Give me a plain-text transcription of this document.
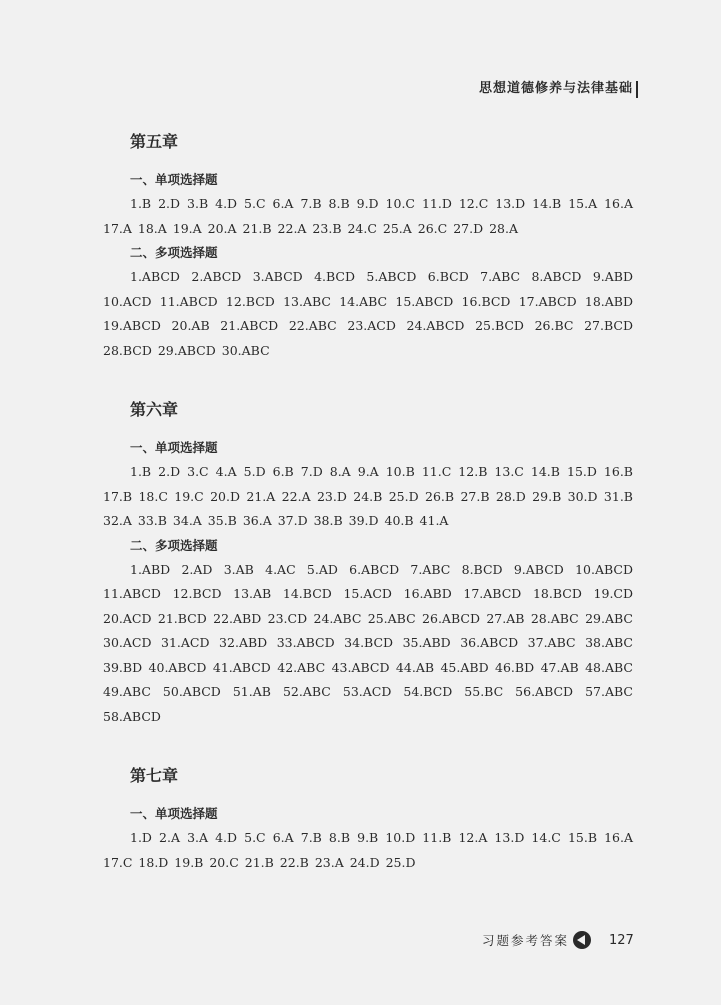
思想道德修养与法律基础
第五章
一、单项选择题
1.B 2.D 3.B 4.D 5.C 6.A 7.B 8.B 9.D 10.C 11.D 12.C 13.D 14.B 15.A 16.A 17.A 18.A 19.A 20.A 21.B 22.A 23.B 24.C 25.A 26.C 27.D 28.A
二、多项选择题
1.ABCD 2.ABCD 3.ABCD 4.BCD 5.ABCD 6.BCD 7.ABC 8.ABCD 9.ABD 10.ACD 11.ABCD 12.BCD 13.ABC 14.ABC 15.ABCD 16.BCD 17.ABCD 18.ABD 19.ABCD 20.AB 21.ABCD 22.ABC 23.ACD 24.ABCD 25.BCD 26.BC 27.BCD 28.BCD 29.ABCD 30.ABC
第六章
一、单项选择题
1.B 2.D 3.C 4.A 5.D 6.B 7.D 8.A 9.A 10.B 11.C 12.B 13.C 14.B 15.D 16.B 17.B 18.C 19.C 20.D 21.A 22.A 23.D 24.B 25.D 26.B 27.B 28.D 29.B 30.D 31.B 32.A 33.B 34.A 35.B 36.A 37.D 38.B 39.D 40.B 41.A
二、多项选择题
1.ABD 2.AD 3.AB 4.AC 5.AD 6.ABCD 7.ABC 8.BCD 9.ABCD 10.ABCD 11.ABCD 12.BCD 13.AB 14.BCD 15.ACD 16.ABD 17.ABCD 18.BCD 19.CD 20.ACD 21.BCD 22.ABD 23.CD 24.ABC 25.ABC 26.ABCD 27.AB 28.ABC 29.ABC 30.ACD 31.ACD 32.ABD 33.ABCD 34.BCD 35.ABD 36.ABCD 37.ABC 38.ABC 39.BD 40.ABCD 41.ABCD 42.ABC 43.ABCD 44.AB 45.ABD 46.BD 47.AB 48.ABC 49.ABC 50.ABCD 51.AB 52.ABC 53.ACD 54.BCD 55.BC 56.ABCD 57.ABC 58.ABCD
第七章
一、单项选择题
1.D 2.A 3.A 4.D 5.C 6.A 7.B 8.B 9.B 10.D 11.B 12.A 13.D 14.C 15.B 16.A 17.C 18.D 19.B 20.C 21.B 22.B 23.A 24.D 25.D
习题参考答案	127
